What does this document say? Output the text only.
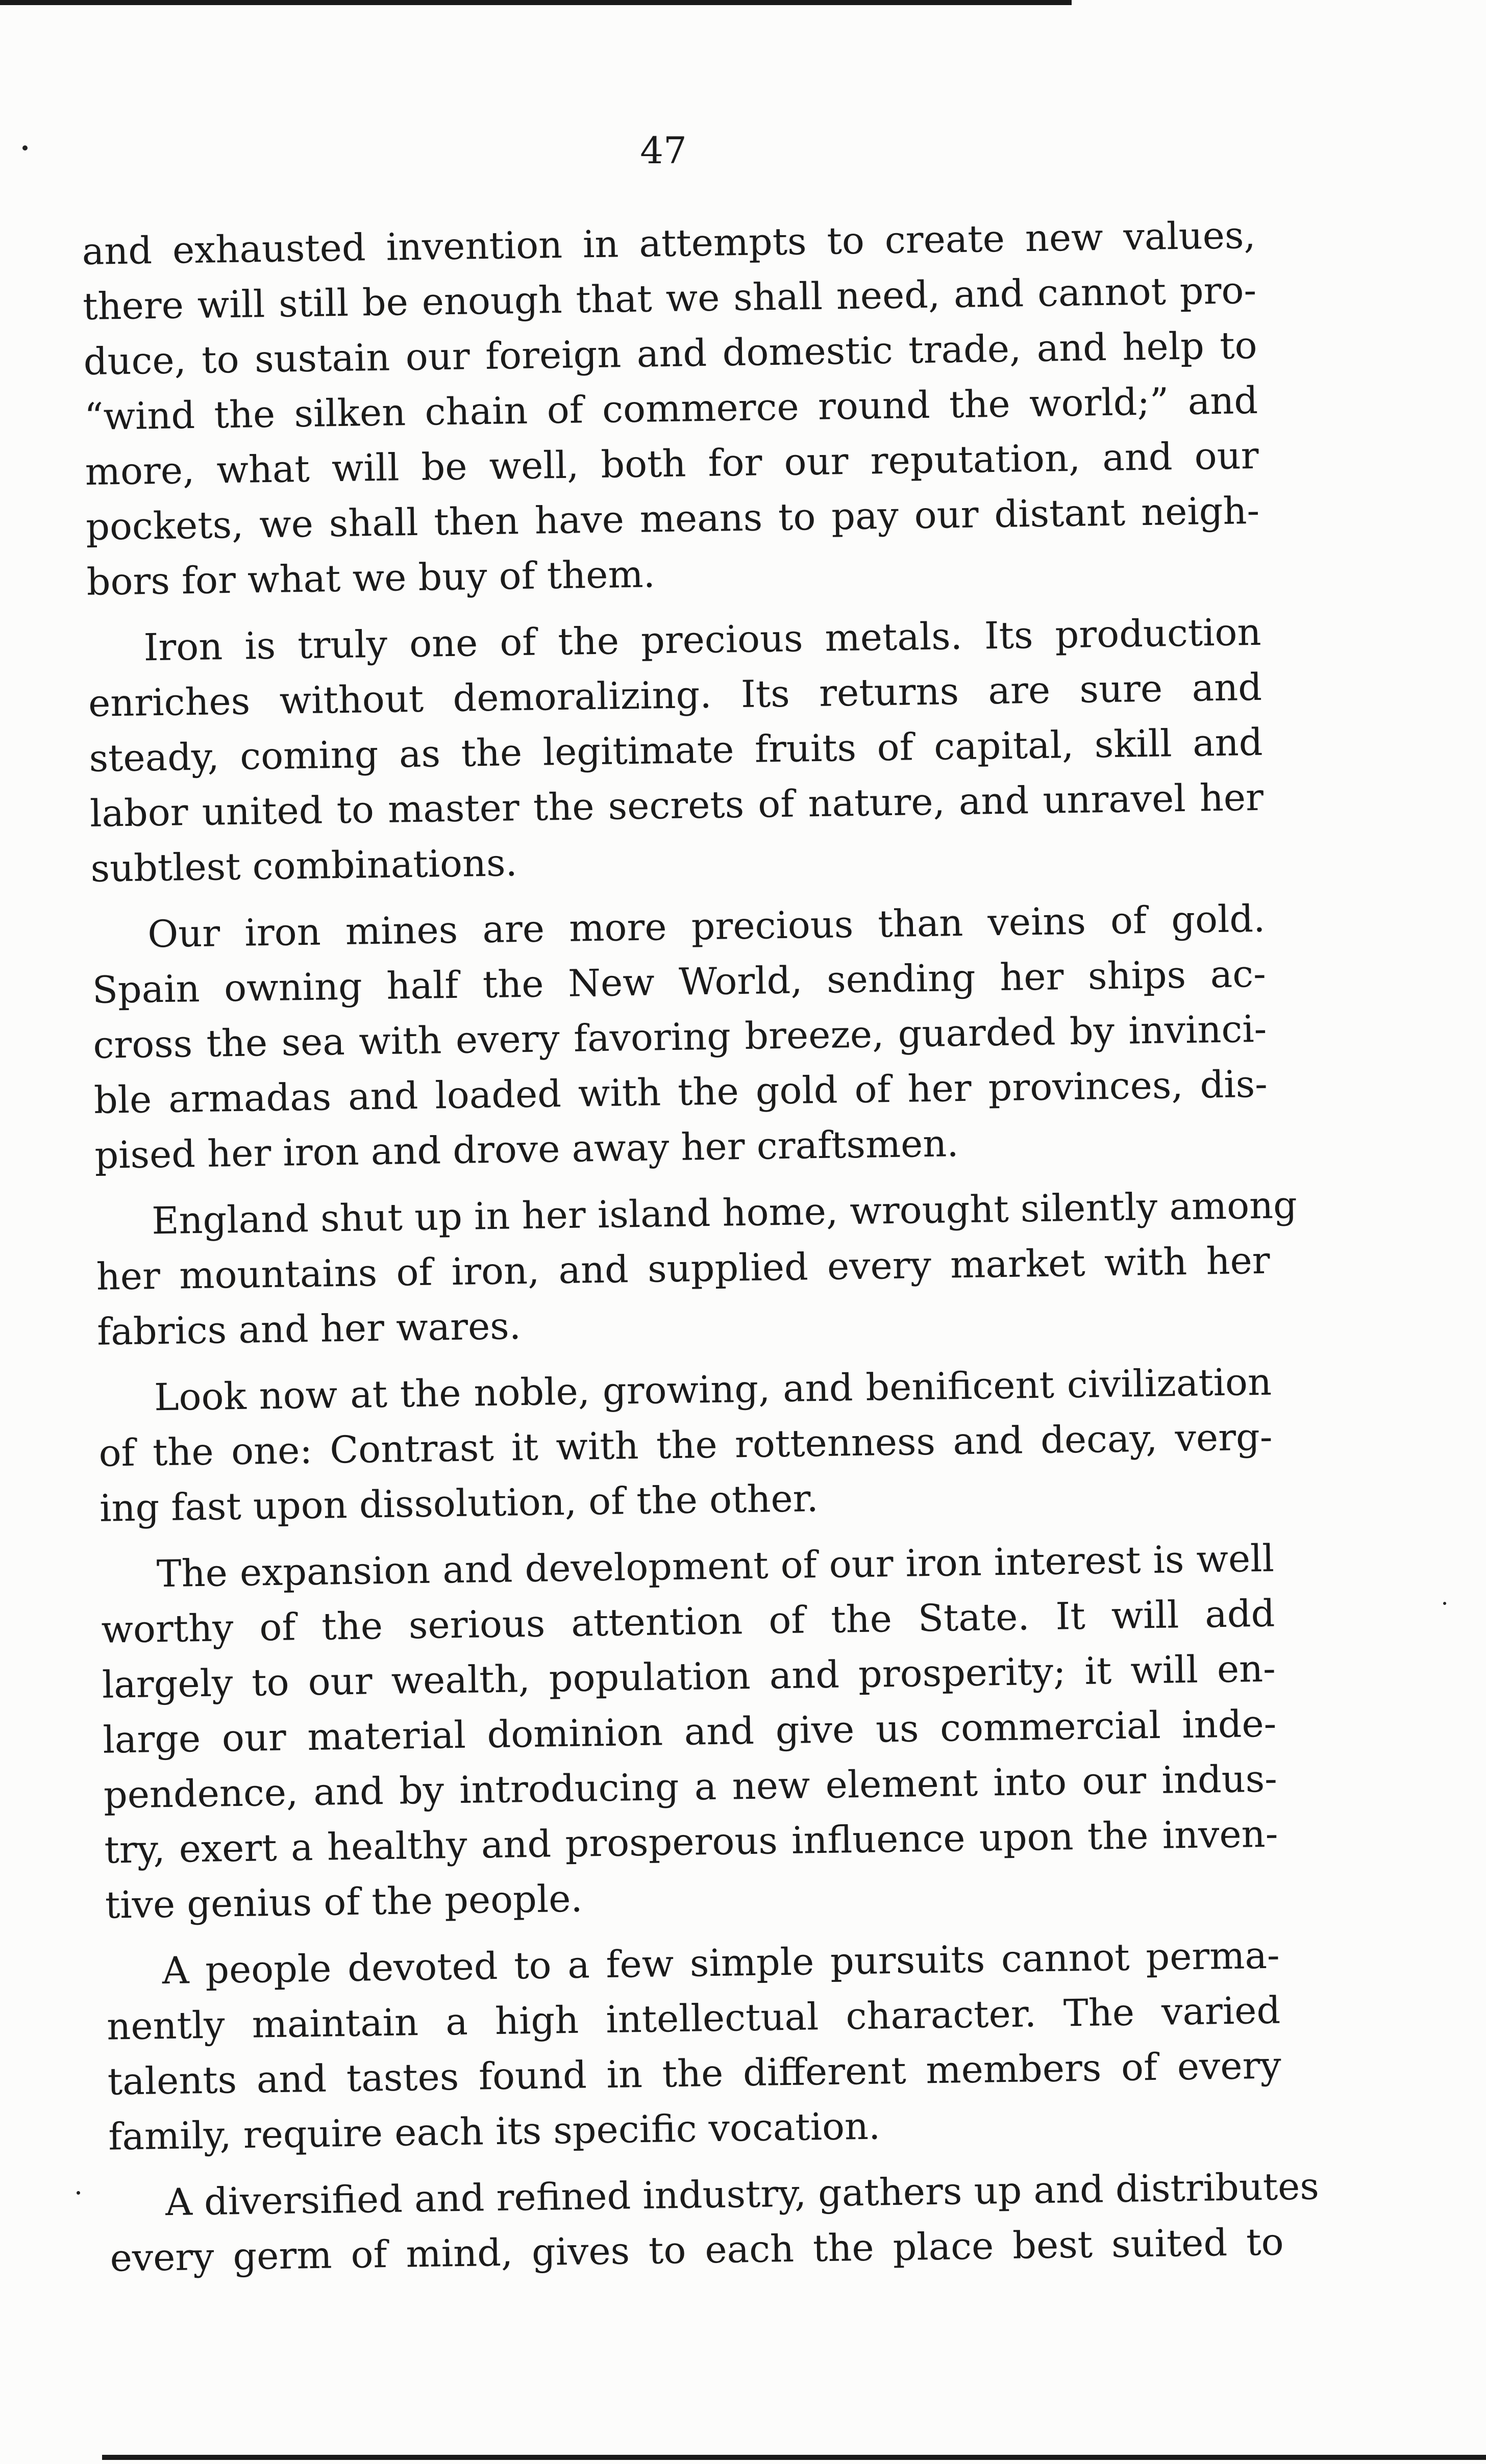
47
and exhausted invention in attempts to create new values,
there will still be enough that we shall need, and cannot pro-
duce, to sustain our foreign and domestic trade, and help to
“wind the silken chain of commerce round the world;” and
more, what will be well, both for our reputation, and our
pockets, we shall then have means to pay our distant neigh-
bors for what we buy of them.
Iron is truly one of the precious metals. Its production
enriches without demoralizing. Its returns are sure and
steady, coming as the legitimate fruits of capital, skill and
labor united to master the secrets of nature, and unravel her
subtlest combinations.
Our iron mines are more precious than veins of gold.
Spain owning half the New World, sending her ships ac-
cross the sea with every favoring breeze, guarded by invinci-
ble armadas and loaded with the gold of her provinces, dis-
pised her iron and drove away her craftsmen.
England shut up in her island home, wrought silently among
her mountains of iron, and supplied every market with her
fabrics and her wares.
Look now at the noble, growing, and benificent civilization
of the one: Contrast it with the rottenness and decay, verg-
ing fast upon dissolution, of the other.
The expansion and development of our iron interest is well
worthy of the serious attention of the State. It will add
largely to our wealth, population and prosperity; it will en-
large our material dominion and give us commercial inde-
pendence, and by introducing a new element into our indus-
try, exert a healthy and prosperous influence upon the inven-
tive genius of the people.
A people devoted to a few simple pursuits cannot perma-
nently maintain a high intellectual character. The varied
talents and tastes found in the different members of every
family, require each its specific vocation.
A diversified and refined industry, gathers up and distributes
every germ of mind, gives to each the place best suited to
